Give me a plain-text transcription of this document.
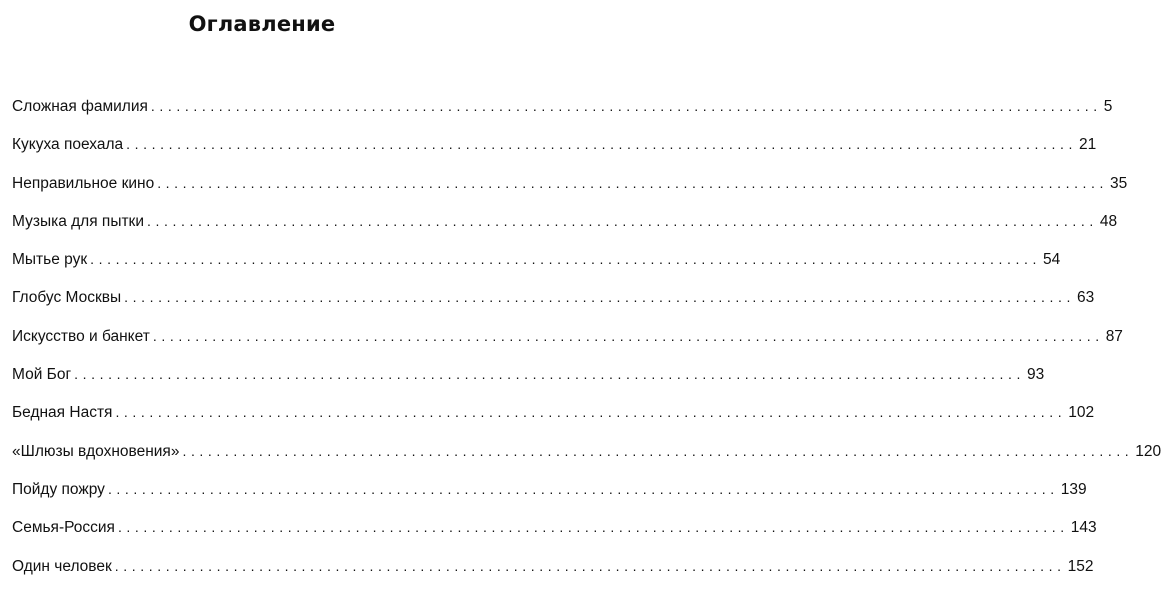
Оглавление
Сложная фамилия ................................................................................................................ 5
Кукуха поехала ................................................................................................................ 21
Неправильное кино ................................................................................................................ 35
Музыка для пытки ................................................................................................................ 48
Мытье рук ................................................................................................................ 54
Глобус Москвы ................................................................................................................ 63
Искусство и банкет ................................................................................................................ 87
Мой Бог ................................................................................................................ 93
Бедная Настя ................................................................................................................ 102
«Шлюзы вдохновения» ................................................................................................................ 120
Пойду пожру ................................................................................................................ 139
Семья-Россия ................................................................................................................ 143
Один человек ................................................................................................................ 152
